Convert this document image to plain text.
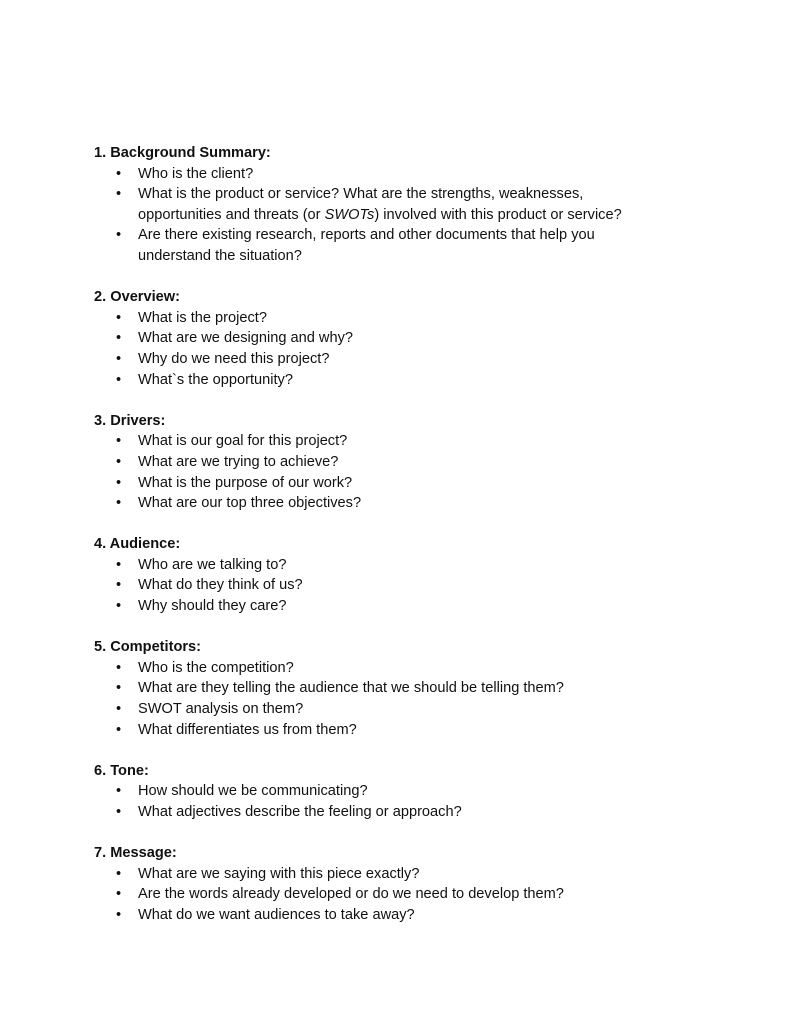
1. Background Summary:
•	Who is the client?
•	What is the product or service? What are the strengths, weaknesses,
opportunities and threats (or SWOTs) involved with this product or service?
•	Are there existing research, reports and other documents that help you
understand the situation?
2. Overview:
•	What is the project?
•	What are we designing and why?
•	Why do we need this project?
•	What`s the opportunity?
3. Drivers:
•	What is our goal for this project?
•	What are we trying to achieve?
•	What is the purpose of our work?
•	What are our top three objectives?
4. Audience:
•	Who are we talking to?
•	What do they think of us?
•	Why should they care?
5. Competitors:
•	Who is the competition?
•	What are they telling the audience that we should be telling them?
•	SWOT analysis on them?
•	What differentiates us from them?
6. Tone:
•	How should we be communicating?
•	What adjectives describe the feeling or approach?
7. Message:
•	What are we saying with this piece exactly?
•	Are the words already developed or do we need to develop them?
•	What do we want audiences to take away?
